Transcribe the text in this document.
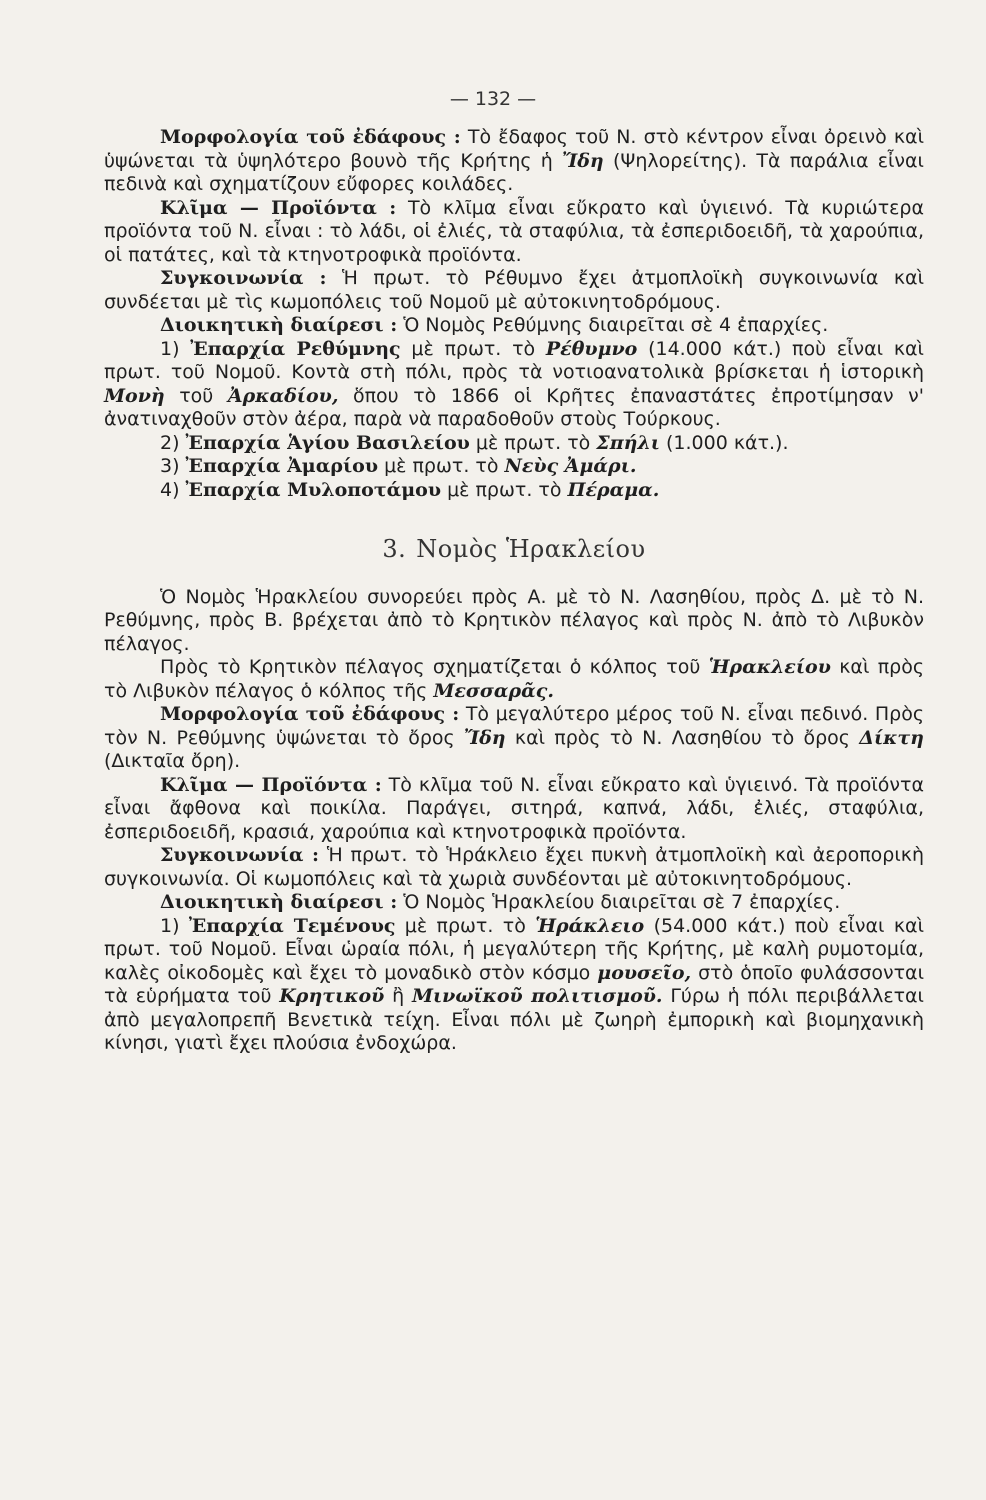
— 132 —

Μορφολογία τοῦ ἐδάφους : Τὸ ἔδαφος τοῦ Ν. στὸ κέντρον εἶναι ὀρεινὸ καὶ ὑψώνεται τὰ ὑψηλότερο βουνὸ τῆς Κρήτης ἡ Ἴδη (Ψηλορείτης). Τὰ παράλια εἶναι πεδινὰ καὶ σχηματίζουν εὔφορες κοιλάδες.

Κλῖμα — Προϊόντα : Τὸ κλῖμα εἶναι εὔκρατο καὶ ὑγιεινό. Τὰ κυριώτερα προϊόντα τοῦ Ν. εἶναι : τὸ λάδι, οἱ ἐλιές, τὰ σταφύλια, τὰ ἐσπεριδοειδῆ, τὰ χαρούπια, οἱ πατάτες, καὶ τὰ κτηνοτροφικὰ προϊόντα.

Συγκοινωνία : Ἡ πρωτ. τὸ Ρέθυμνο ἔχει ἀτμοπλοϊκὴ συγκοινωνία καὶ συνδέεται μὲ τὶς κωμοπόλεις τοῦ Νομοῦ μὲ αὐτοκινητοδρόμους.

Διοικητικὴ διαίρεσι : Ὁ Νομὸς Ρεθύμνης διαιρεῖται σὲ 4 ἐπαρχίες.

1) Ἐπαρχία Ρεθύμνης μὲ πρωτ. τὸ Ρέθυμνο (14.000 κάτ.) ποὺ εἶναι καὶ πρωτ. τοῦ Νομοῦ. Κοντὰ στὴ πόλι, πρὸς τὰ νοτιοανατολικὰ βρίσκεται ἡ ἱστορικὴ Μονὴ τοῦ Ἀρκαδίου, ὅπου τὸ 1866 οἱ Κρῆτες ἐπαναστάτες ἐπροτίμησαν ν' ἀνατιναχθοῦν στὸν ἀέρα, παρὰ νὰ παραδοθοῦν στοὺς Τούρκους.

2) Ἐπαρχία Ἁγίου Βασιλείου μὲ πρωτ. τὸ Σπήλι (1.000 κάτ.).

3) Ἐπαρχία Ἀμαρίου μὲ πρωτ. τὸ Νεὺς Ἀμάρι.

4) Ἐπαρχία Μυλοποτάμου μὲ πρωτ. τὸ Πέραμα.

3. Νομὸς Ἡρακλείου

Ὁ Νομὸς Ἡρακλείου συνορεύει πρὸς Α. μὲ τὸ Ν. Λασηθίου, πρὸς Δ. μὲ τὸ Ν. Ρεθύμνης, πρὸς Β. βρέχεται ἀπὸ τὸ Κρητικὸν πέλαγος καὶ πρὸς Ν. ἀπὸ τὸ Λιβυκὸν πέλαγος.

Πρὸς τὸ Κρητικὸν πέλαγος σχηματίζεται ὁ κόλπος τοῦ Ἡρακλείου καὶ πρὸς τὸ Λιβυκὸν πέλαγος ὁ κόλπος τῆς Μεσσαρᾶς.

Μορφολογία τοῦ ἐδάφους : Τὸ μεγαλύτερο μέρος τοῦ Ν. εἶναι πεδινό. Πρὸς τὸν Ν. Ρεθύμνης ὑψώνεται τὸ ὄρος Ἴδη καὶ πρὸς τὸ Ν. Λασηθίου τὸ ὄρος Δίκτη (Δικταῖα ὄρη).

Κλῖμα — Προϊόντα : Τὸ κλῖμα τοῦ Ν. εἶναι εὔκρατο καὶ ὑγιεινό. Τὰ προϊόντα εἶναι ἄφθονα καὶ ποικίλα. Παράγει, σιτηρά, καπνά, λάδι, ἐλιές, σταφύλια, ἐσπεριδοειδῆ, κρασιά, χαρούπια καὶ κτηνοτροφικὰ προϊόντα.

Συγκοινωνία : Ἡ πρωτ. τὸ Ἡράκλειο ἔχει πυκνὴ ἀτμοπλοϊκὴ καὶ ἀεροπορικὴ συγκοινωνία. Οἱ κωμοπόλεις καὶ τὰ χωριὰ συνδέονται μὲ αὐτοκινητοδρόμους.

Διοικητικὴ διαίρεσι : Ὁ Νομὸς Ἡρακλείου διαιρεῖται σὲ 7 ἐπαρχίες.

1) Ἐπαρχία Τεμένους μὲ πρωτ. τὸ Ἡράκλειο (54.000 κάτ.) ποὺ εἶναι καὶ πρωτ. τοῦ Νομοῦ. Εἶναι ὡραία πόλι, ἡ μεγαλύτερη τῆς Κρήτης, μὲ καλὴ ρυμοτομία, καλὲς οἰκοδομὲς καὶ ἔχει τὸ μοναδικὸ στὸν κόσμο μουσεῖο, στὸ ὁποῖο φυλάσσονται τὰ εὑρήματα τοῦ Κρητικοῦ ἢ Μινωϊκοῦ πολιτισμοῦ. Γύρω ἡ πόλι περιβάλλεται ἀπὸ μεγαλοπρεπῆ Βενετικὰ τείχη. Εἶναι πόλι μὲ ζωηρὴ ἐμπορικὴ καὶ βιομηχανικὴ κίνησι, γιατὶ ἔχει πλούσια ἐνδοχώρα.
